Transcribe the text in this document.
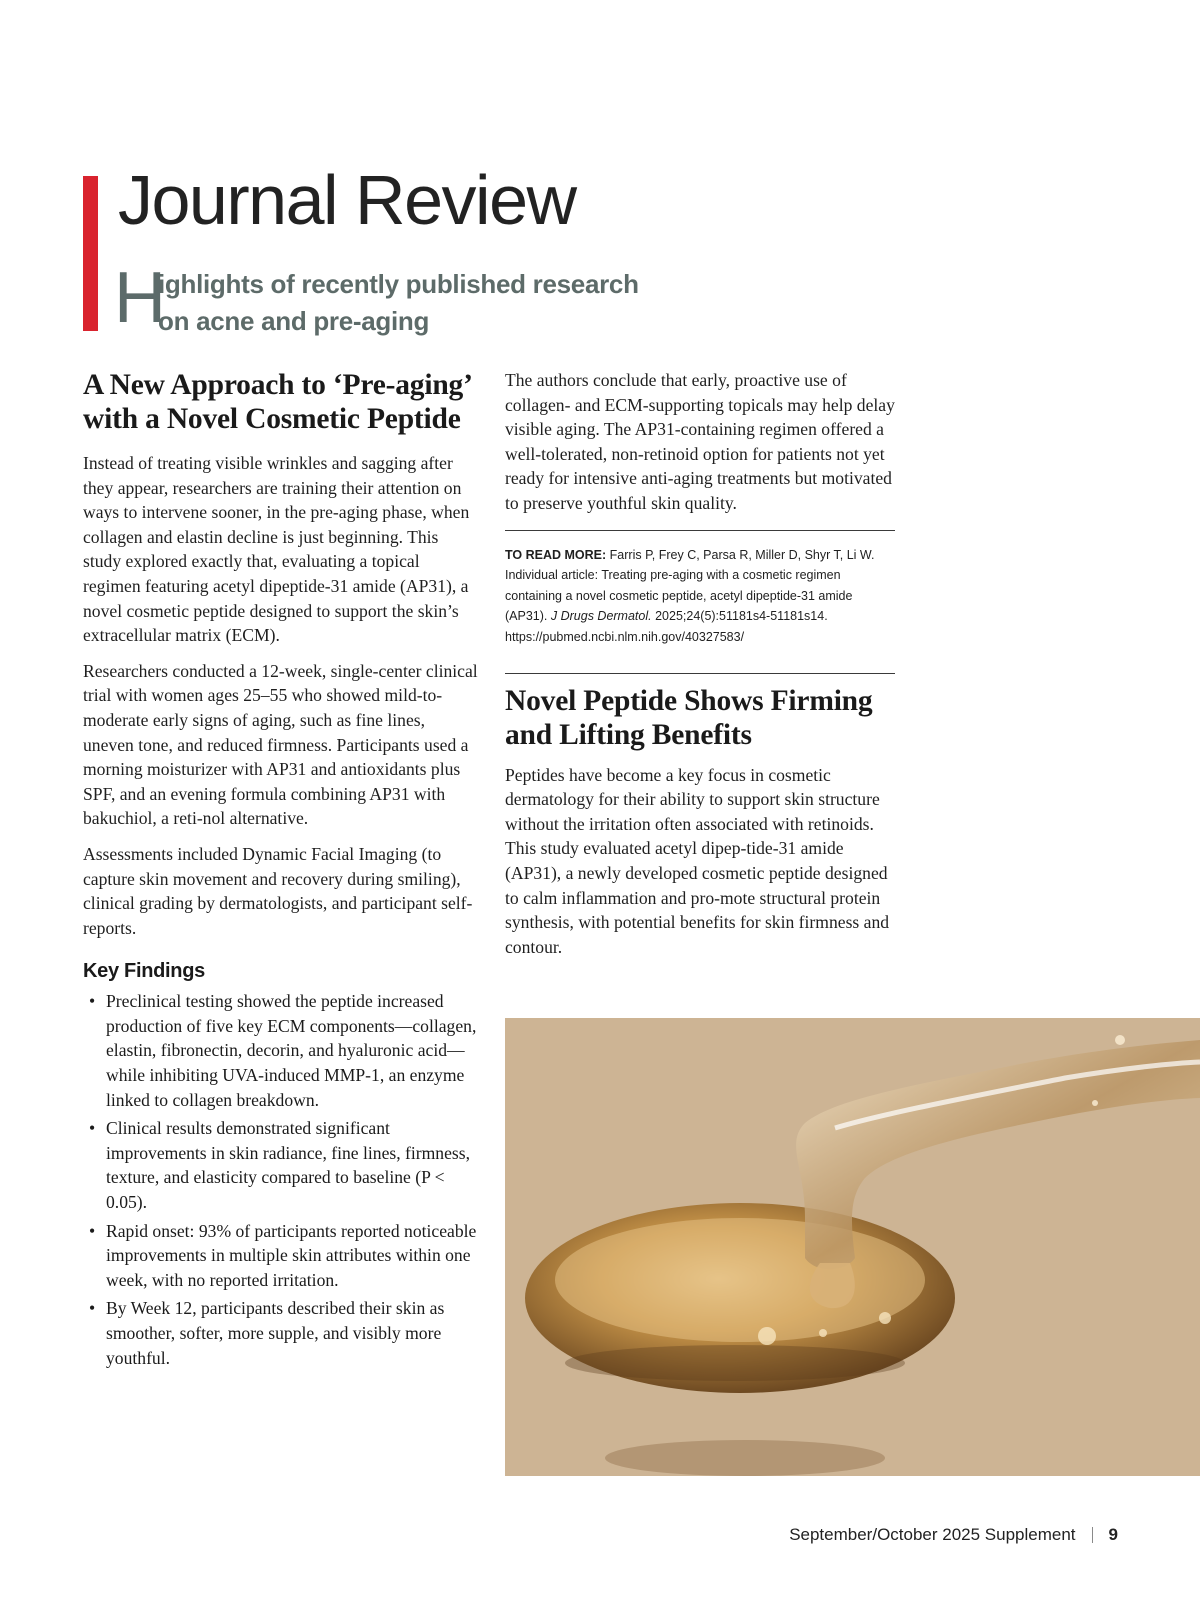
Journal Review
H
ighlights of recently published research
on acne and pre-aging
A New Approach to ‘Pre-aging’ with a Novel Cosmetic Peptide

Instead of treating visible wrinkles and sagging after they appear, researchers are training their attention on ways to intervene sooner, in the pre-aging phase, when collagen and elastin decline is just beginning. This study explored exactly that, evaluating a topical regimen featuring acetyl dipeptide-31 amide (AP31), a novel cosmetic peptide designed to support the skin’s extracellular matrix (ECM).

Researchers conducted a 12-week, single-center clinical trial with women ages 25–55 who showed mild-to-moderate early signs of aging, such as fine lines, uneven tone, and reduced firmness. Participants used a morning moisturizer with AP31 and antioxidants plus SPF, and an evening formula combining AP31 with bakuchiol, a reti-nol alternative.

Assessments included Dynamic Facial Imaging (to capture skin movement and recovery during smiling), clinical grading by dermatologists, and participant self-reports.

Key Findings
• Preclinical testing showed the peptide increased production of five key ECM components—collagen, elastin, fibronectin, decorin, and hyaluronic acid—while inhibiting UVA-induced MMP-1, an enzyme linked to collagen breakdown.
• Clinical results demonstrated significant improvements in skin radiance, fine lines, firmness, texture, and elasticity compared to baseline (P < 0.05).
• Rapid onset: 93% of participants reported noticeable improvements in multiple skin attributes within one week, with no reported irritation.
• By Week 12, participants described their skin as smoother, softer, more supple, and visibly more youthful.

The authors conclude that early, proactive use of collagen- and ECM-supporting topicals may help delay visible aging. The AP31-containing regimen offered a well-tolerated, non-retinoid option for patients not yet ready for intensive anti-aging treatments but motivated to preserve youthful skin quality.

TO READ MORE: Farris P, Frey C, Parsa R, Miller D, Shyr T, Li W. Individual article: Treating pre-aging with a cosmetic regimen containing a novel cosmetic peptide, acetyl dipeptide-31 amide (AP31). J Drugs Dermatol. 2025;24(5):51181s4-51181s14. https://pubmed.ncbi.nlm.nih.gov/40327583/

Novel Peptide Shows Firming and Lifting Benefits

Peptides have become a key focus in cosmetic dermatology for their ability to support skin structure without the irritation often associated with retinoids. This study evaluated acetyl dipep-tide-31 amide (AP31), a newly developed cosmetic peptide designed to calm inflammation and pro-mote structural protein synthesis, with potential benefits for skin firmness and contour.

September/October 2025 Supplement 9
